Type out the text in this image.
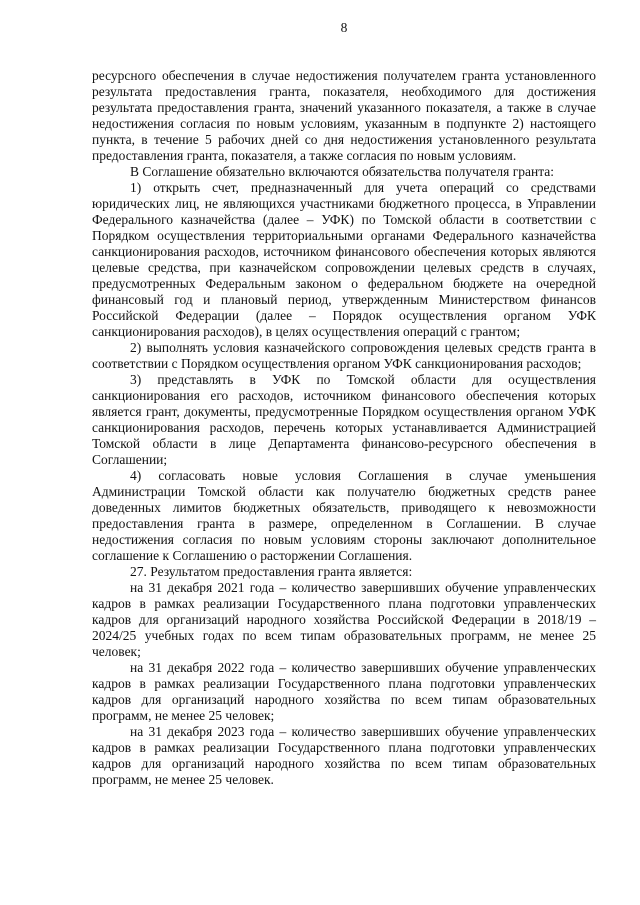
8

ресурсного обеспечения в случае недостижения получателем гранта установленного результата предоставления гранта, показателя, необходимого для достижения результата предоставления гранта, значений указанного показателя, а также в случае недостижения согласия по новым условиям, указанным в подпункте 2) настоящего пункта, в течение 5 рабочих дней со дня недостижения установленного результата предоставления гранта, показателя, а также согласия по новым условиям.

В Соглашение обязательно включаются обязательства получателя гранта:

1) открыть счет, предназначенный для учета операций со средствами юридических лиц, не являющихся участниками бюджетного процесса, в Управлении Федерального казначейства (далее – УФК) по Томской области в соответствии с Порядком осуществления территориальными органами Федерального казначейства санкционирования расходов, источником финансового обеспечения которых являются целевые средства, при казначейском сопровождении целевых средств в случаях, предусмотренных Федеральным законом о федеральном бюджете на очередной финансовый год и плановый период, утвержденным Министерством финансов Российской Федерации (далее – Порядок осуществления органом УФК санкционирования расходов), в целях осуществления операций с грантом;

2) выполнять условия казначейского сопровождения целевых средств гранта в соответствии с Порядком осуществления органом УФК санкционирования расходов;

3) представлять в УФК по Томской области для осуществления санкционирования его расходов, источником финансового обеспечения которых является грант, документы, предусмотренные Порядком осуществления органом УФК санкционирования расходов, перечень которых устанавливается Администрацией Томской области в лице Департамента финансово-ресурсного обеспечения в Соглашении;

4) согласовать новые условия Соглашения в случае уменьшения Администрации Томской области как получателю бюджетных средств ранее доведенных лимитов бюджетных обязательств, приводящего к невозможности предоставления гранта в размере, определенном в Соглашении. В случае недостижения согласия по новым условиям стороны заключают дополнительное соглашение к Соглашению о расторжении Соглашения.

27. Результатом предоставления гранта является:

на 31 декабря 2021 года – количество завершивших обучение управленческих кадров в рамках реализации Государственного плана подготовки управленческих кадров для организаций народного хозяйства Российской Федерации в 2018/19 – 2024/25 учебных годах по всем типам образовательных программ, не менее 25 человек;

на 31 декабря 2022 года – количество завершивших обучение управленческих кадров в рамках реализации Государственного плана подготовки управленческих кадров для организаций народного хозяйства по всем типам образовательных программ, не менее 25 человек;

на 31 декабря 2023 года – количество завершивших обучение управленческих кадров в рамках реализации Государственного плана подготовки управленческих кадров для организаций народного хозяйства по всем типам образовательных программ, не менее 25 человек.
